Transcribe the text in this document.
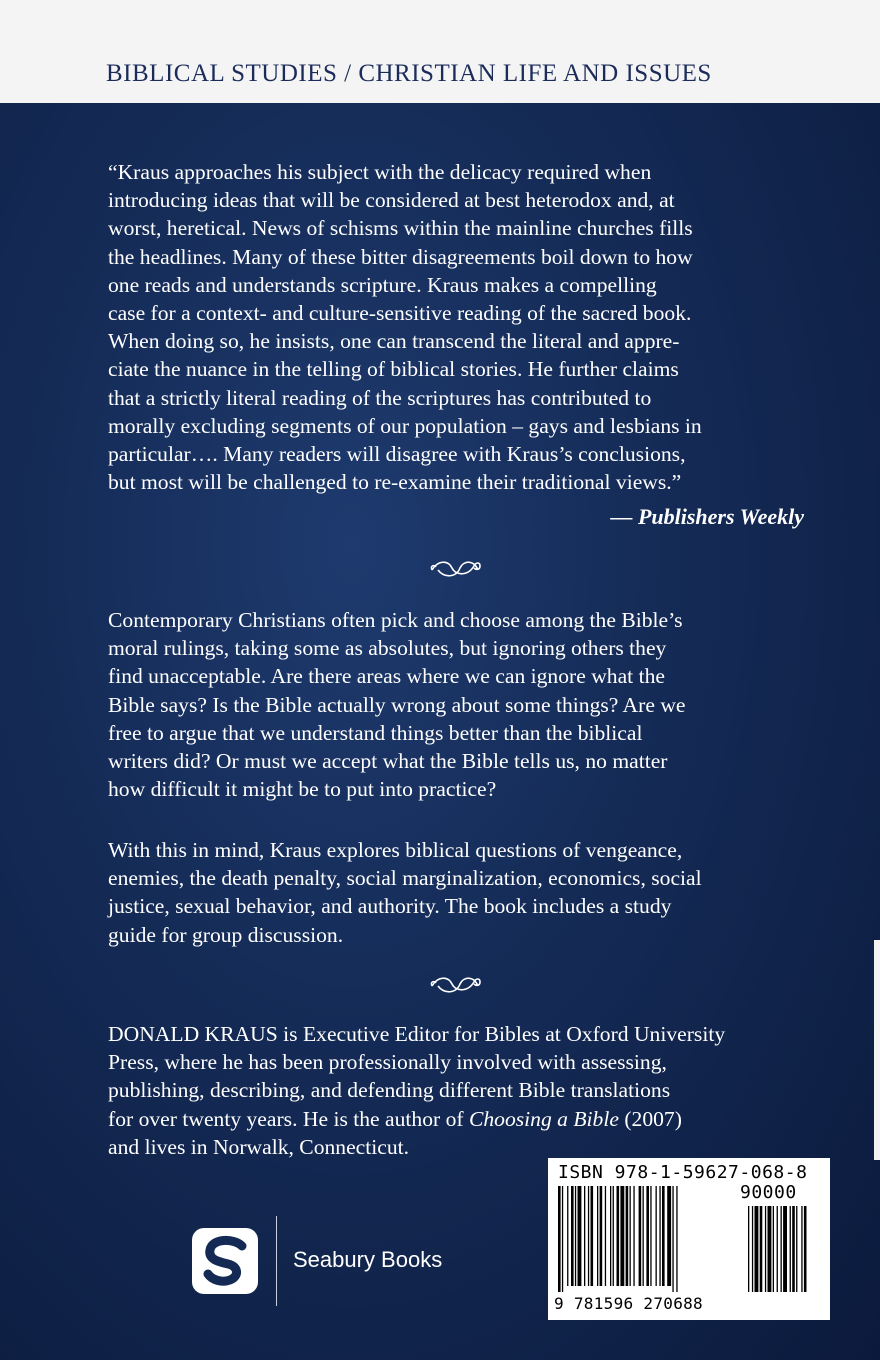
BIBLICAL STUDIES / CHRISTIAN LIFE AND ISSUES
“Kraus approaches his subject with the delicacy required when
introducing ideas that will be considered at best heterodox and, at
worst, heretical. News of schisms within the mainline churches fills
the headlines. Many of these bitter disagreements boil down to how
one reads and understands scripture. Kraus makes a compelling
case for a context- and culture-sensitive reading of the sacred book.
When doing so, he insists, one can transcend the literal and appre-
ciate the nuance in the telling of biblical stories. He further claims
that a strictly literal reading of the scriptures has contributed to
morally excluding segments of our population – gays and lesbians in
particular…. Many readers will disagree with Kraus’s conclusions,
but most will be challenged to re-examine their traditional views.”
— Publishers Weekly
Contemporary Christians often pick and choose among the Bible’s
moral rulings, taking some as absolutes, but ignoring others they
find unacceptable. Are there areas where we can ignore what the
Bible says? Is the Bible actually wrong about some things? Are we
free to argue that we understand things better than the biblical
writers did? Or must we accept what the Bible tells us, no matter
how difficult it might be to put into practice?
With this in mind, Kraus explores biblical questions of vengeance,
enemies, the death penalty, social marginalization, economics, social
justice, sexual behavior, and authority. The book includes a study
guide for group discussion.
DONALD KRAUS is Executive Editor for Bibles at Oxford University
Press, where he has been professionally involved with assessing,
publishing, describing, and defending different Bible translations
for over twenty years. He is the author of Choosing a Bible (2007)
and lives in Norwalk, Connecticut.
Seabury Books
ISBN 978-1-59627-068-8
90000
9 781596 270688
